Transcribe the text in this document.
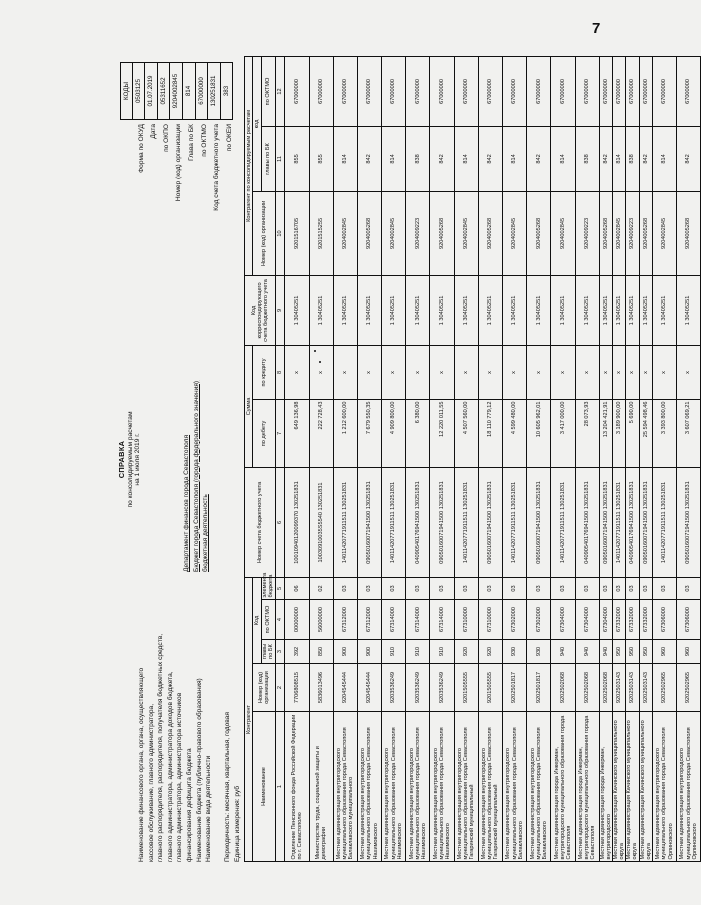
7
СПРАВКА по консолидируемым расчетам на 1 июля 2019 г.
КОДЫ
Форма по ОКУД
0503125
Дата
01.07.2019
по ОКПО
05311652
Номер (код) организации
9204002845
Глава по БК
814
по ОКТМО
67000000
Код счета бюджетного учета
130251831
по ОКЕИ
383
Наименование финансового органа, органа, осуществляющего кассовое обслуживание, главного администратора, главного распорядителя, распорядителя, получателя бюджетных средств, главного администратора, администратора доходов бюджета, главного администратора, администратора источников финансирования дефицита бюджета Наименование бюджета (публично-правового образования) Наименование вида деятельности	Периодичность: месячная, квартальная, годовая Единица измерения: руб
Департамент финансов города Севастополя Бюджет города Севастополя (города федерального значения) бюджетная деятельность
Контрагент					Номер счета бюджетного учета	Сумма		Код корреспондирующего счета бюджетного учета	Контрагент по консолидируемым расчетам		
Наименование	Номер (код) организации	Код				по дебету	по кредиту		Номер (код) организации	код	
		главы по БК	по ОКТМО	элемента бюджета						главы по БК	по ОКТМО
1	2	3	4	5	6	7	8	9	10	11	12
Отделение Пенсионного фонда Российской Федерации по г. Севастополю	7706808515	392	00000000	06	10010940120099370 130251831	649 136,98	x	1 30405251	9201516705	855	67000000
Министерство труда, социальной защиты и демографии	5836013496	850	56000000	02	10030910035S5540 130251831	222 728,43	x	1 30405251	9201515255	855	67000000
Местная администрация внутригородского муниципального образования города Севастополя Балаклавского муниципального	9204545444	900	67312000	03	14011420771911511 130251831	1 212 600,00	x	1 30405251	9204002845	814	67000000
Местная администрация внутригородского муниципального образования города Севастополя Нахимовского	9204545444	900	67312000	03	09050160071941500 130251831	7 679 550,35	x	1 30405251	9204005268	842	67000000
Местная администрация внутригородского муниципального образования города Севастополя Нахимовского	9203536249	910	67314000	03	14011420771911511 130251831	4 909 800,00	x	1 30405251	9204002845	814	67000000
Местная администрация внутригородского муниципального образования города Севастополя Нахимовского	9203536249	910	67314000	03	04090540176941500 130251831	6 380,00	x	1 30405251	9204009223	838	67000000
Местная администрация внутригородского муниципального образования города Севастополя Нахимовского	9203536249	910	67314000	03	09050160071941500 130251831	12 220 011,55	x	1 30405251	9204005268	842	67000000
Местная администрация внутригородского муниципального образования города Севастополя Гагаринский муниципальный	9201505555	920	67310000	03	14011420771911511 130251831	4 507 560,00	x	1 30405251	9204002845	814	67000000
Местная администрация внутригородского муниципального образования города Севастополя Гагаринский муниципальный	9201505555	920	67310000	03	09050160071941500 130251831	18 110 779,12	x	1 30405251	9204005268	842	67000000
Местная администрация внутригородского муниципального образования города Севастополя Балаклавского	9202501817	930	67302000	03	14011420771911511 130251831	4 599 480,00	x	1 30405251	9204002845	814	67000000
Местная администрация внутригородского муниципального образования города Севастополя Балаклавского	9202501817	930	67302000	03	09050160071941500 130251831	10 605 962,01	x	1 30405251	9204005268	842	67000000
Местная администрация города Инкерман, внутригородского муниципального образования города Севастополя	9202502068	940	67304000	03	14011420771911511 130251831	3 417 000,00	x	1 30405251	9204002845	814	67000000
Местная администрация города Инкерман, внутригородского муниципального образования города Севастополя	9202502068	940	67304000	03	04090540176941500 130251831	28 073,93	x	1 30405251	9204009223	838	67000000
Местная администрация города Инкерман, внутригородского	9202502068	940	67304000	03	09050160071941500 130251831	13 204 421,91	x	1 30405251	9204005268	842	67000000
Местная администрация Качинского муниципального округа	9202503143	950	67332000	03	14011420771911511 130251831	3 189 900,00	x	1 30405251	9204002845	814	67000000
Местная администрация Качинского муниципального округа	9202503143	950	67332000	03	04090540176941500 130251831	5 690,00	x	1 30405251	9204009223	838	67000000
Местная администрация Качинского муниципального округа	9202503143	950	67332000	03	09050160071941500 130251831	25 594 498,46	x	1 30405251	9204005268	842	67000000
Местная администрация внутригородского муниципального образования города Севастополя Орлиновского	9202502965	960	67306000	03	14011420771911511 130251831	3 393 800,00	x	1 30405251	9204002845	814	67000000
Местная администрация внутригородского муниципального образования города Севастополя Орлиновского	9202502965	960	67306000	03	09050160071941500 130251831	3 607 069,21	x	1 30405251	9204005268	842	67000000
